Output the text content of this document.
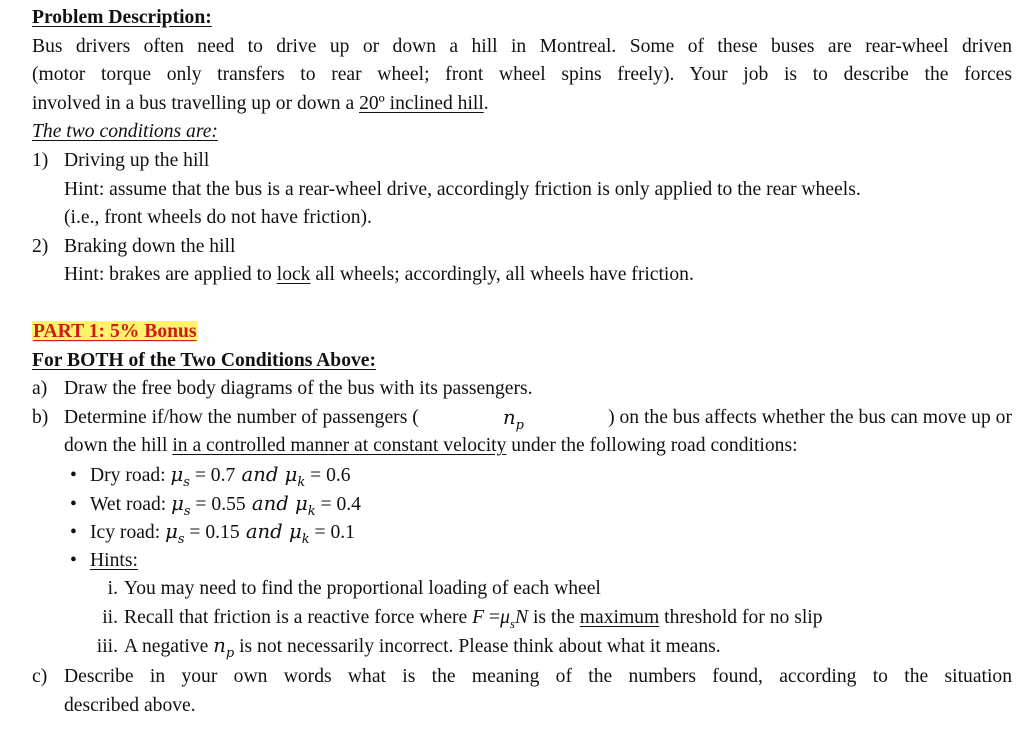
Problem Description:
Bus drivers often need to drive up or down a hill in Montreal. Some of these buses are rear-wheel driven
(motor torque only transfers to rear wheel; front wheel spins freely). Your job is to describe the forces
involved in a bus travelling up or down a 20º inclined hill.
The two conditions are:
1) Driving up the hill
Hint: assume that the bus is a rear-wheel drive, accordingly friction is only applied to the rear wheels.
(i.e., front wheels do not have friction).
2) Braking down the hill
Hint: brakes are applied to lock all wheels; accordingly, all wheels have friction.
PART 1: 5% Bonus
For BOTH of the Two Conditions Above:
a) Draw the free body diagrams of the bus with its passengers.
b) Determine if/how the number of passengers (	$n_p$	) on the bus affects whether the bus can move up or
down the hill in a controlled manner at constant velocity under the following road conditions:
• Dry road: $\mu_s = 0.7$ and $\mu_k = 0.6$
• Wet road: $\mu_s = 0.55$ and $\mu_k = 0.4$
• Icy road: $\mu_s = 0.15$ and $\mu_k = 0.1$
• Hints:
i. You may need to find the proportional loading of each wheel
ii. Recall that friction is a reactive force where $F =\mu_sN$ is the maximum threshold for no slip
iii. A negative $n_p$ is not necessarily incorrect. Please think about what it means.
c) Describe in your own words what is the meaning of the numbers found, according to the situation
described above.
